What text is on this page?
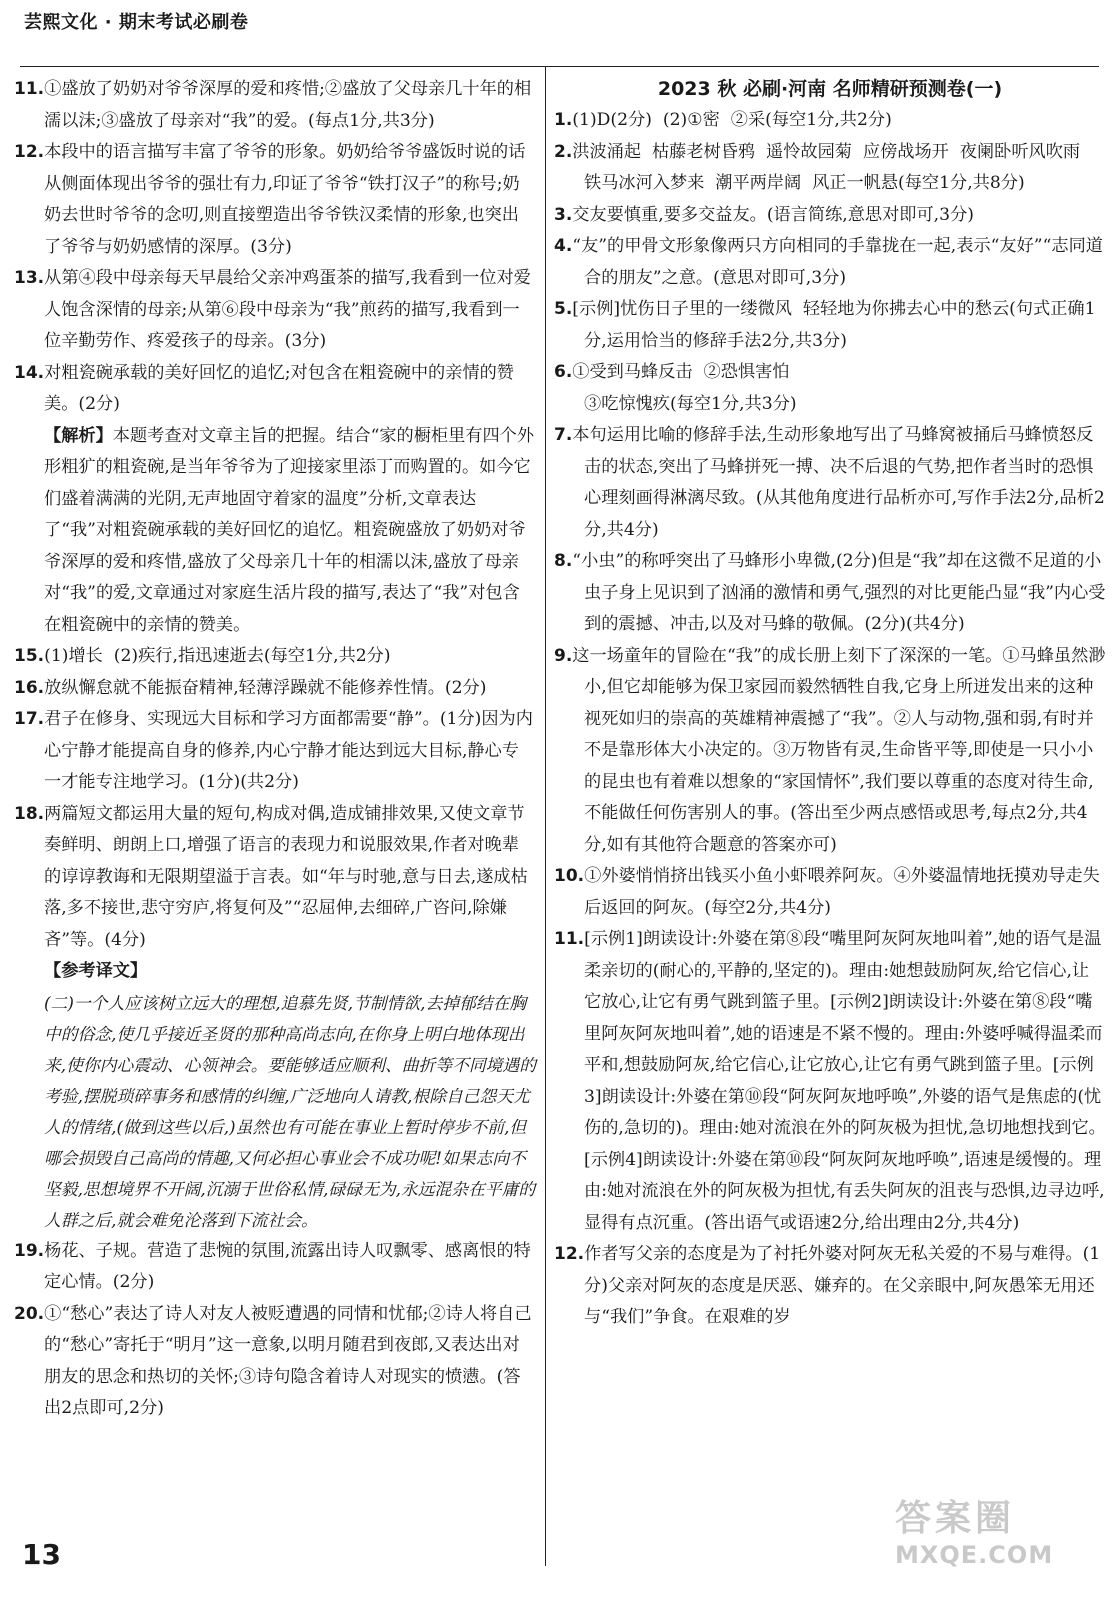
芸熙文化 · 期末考试必刷卷

11.①盛放了奶奶对爷爷深厚的爱和疼惜;②盛放了父母亲几十年的相濡以沫;③盛放了母亲对“我”的爱。(每点1分,共3分)

12.本段中的语言描写丰富了爷爷的形象。奶奶给爷爷盛饭时说的话从侧面体现出爷爷的强壮有力,印证了爷爷“铁打汉子”的称号;奶奶去世时爷爷的念叨,则直接塑造出爷爷铁汉柔情的形象,也突出了爷爷与奶奶感情的深厚。(3分)

13.从第④段中母亲每天早晨给父亲冲鸡蛋茶的描写,我看到一位对爱人饱含深情的母亲;从第⑥段中母亲为“我”煎药的描写,我看到一位辛勤劳作、疼爱孩子的母亲。(3分)

14.对粗瓷碗承载的美好回忆的追忆;对包含在粗瓷碗中的亲情的赞美。(2分)

【解析】本题考查对文章主旨的把握。结合“家的橱柜里有四个外形粗犷的粗瓷碗,是当年爷爷为了迎接家里添丁而购置的。如今它们盛着满满的光阴,无声地固守着家的温度”分析,文章表达了“我”对粗瓷碗承载的美好回忆的追忆。粗瓷碗盛放了奶奶对爷爷深厚的爱和疼惜,盛放了父母亲几十年的相濡以沫,盛放了母亲对“我”的爱,文章通过对家庭生活片段的描写,表达了“我”对包含在粗瓷碗中的亲情的赞美。

15.(1)增长  (2)疾行,指迅速逝去(每空1分,共2分)

16.放纵懈怠就不能振奋精神,轻薄浮躁就不能修养性情。(2分)

17.君子在修身、实现远大目标和学习方面都需要“静”。(1分)因为内心宁静才能提高自身的修养,内心宁静才能达到远大目标,静心专一才能专注地学习。(1分)(共2分)

18.两篇短文都运用大量的短句,构成对偶,造成铺排效果,又使文章节奏鲜明、朗朗上口,增强了语言的表现力和说服效果,作者对晚辈的谆谆教诲和无限期望溢于言表。如“年与时驰,意与日去,遂成枯落,多不接世,悲守穷庐,将复何及”“忍屈伸,去细碎,广咨问,除嫌吝”等。(4分)

【参考译文】

(二)一个人应该树立远大的理想,追慕先贤,节制情欲,去掉郁结在胸中的俗念,使几乎接近圣贤的那种高尚志向,在你身上明白地体现出来,使你内心震动、心领神会。要能够适应顺利、曲折等不同境遇的考验,摆脱琐碎事务和感情的纠缠,广泛地向人请教,根除自己怨天尤人的情绪,(做到这些以后,)虽然也有可能在事业上暂时停步不前,但哪会损毁自己高尚的情趣,又何必担心事业会不成功呢!如果志向不坚毅,思想境界不开阔,沉溺于世俗私情,碌碌无为,永远混杂在平庸的人群之后,就会难免沦落到下流社会。

19.杨花、子规。营造了悲惋的氛围,流露出诗人叹飘零、感离恨的特定心情。(2分)

20.①“愁心”表达了诗人对友人被贬遭遇的同情和忧郁;②诗人将自己的“愁心”寄托于“明月”这一意象,以明月随君到夜郎,又表达出对朋友的思念和热切的关怀;③诗句隐含着诗人对现实的愤懑。(答出2点即可,2分)

2023 秋 必刷·河南 名师精研预测卷(一)

1.(1)D(2分)  (2)①密  ②采(每空1分,共2分)

2.洪波涌起  枯藤老树昏鸦  遥怜故园菊  应傍战场开  夜阑卧听风吹雨  铁马冰河入梦来  潮平两岸阔  风正一帆悬(每空1分,共8分)

3.交友要慎重,要多交益友。(语言简练,意思对即可,3分)

4.“友”的甲骨文形象像两只方向相同的手靠拢在一起,表示“友好”“志同道合的朋友”之意。(意思对即可,3分)

5.[示例]忧伤日子里的一缕微风  轻轻地为你拂去心中的愁云(句式正确1分,运用恰当的修辞手法2分,共3分)

6.①受到马蜂反击  ②恐惧害怕

③吃惊愧疚(每空1分,共3分)

7.本句运用比喻的修辞手法,生动形象地写出了马蜂窝被捅后马蜂愤怒反击的状态,突出了马蜂拼死一搏、决不后退的气势,把作者当时的恐惧心理刻画得淋漓尽致。(从其他角度进行品析亦可,写作手法2分,品析2分,共4分)

8.“小虫”的称呼突出了马蜂形小卑微,(2分)但是“我”却在这微不足道的小虫子身上见识到了汹涌的激情和勇气,强烈的对比更能凸显“我”内心受到的震撼、冲击,以及对马蜂的敬佩。(2分)(共4分)

9.这一场童年的冒险在“我”的成长册上刻下了深深的一笔。①马蜂虽然渺小,但它却能够为保卫家园而毅然牺牲自我,它身上所迸发出来的这种视死如归的崇高的英雄精神震撼了“我”。②人与动物,强和弱,有时并不是靠形体大小决定的。③万物皆有灵,生命皆平等,即使是一只小小的昆虫也有着难以想象的“家国情怀”,我们要以尊重的态度对待生命,不能做任何伤害别人的事。(答出至少两点感悟或思考,每点2分,共4分,如有其他符合题意的答案亦可)

10.①外婆悄悄挤出钱买小鱼小虾喂养阿灰。④外婆温情地抚摸劝导走失后返回的阿灰。(每空2分,共4分)

11.[示例1]朗读设计:外婆在第⑧段“嘴里阿灰阿灰地叫着”,她的语气是温柔亲切的(耐心的,平静的,坚定的)。理由:她想鼓励阿灰,给它信心,让它放心,让它有勇气跳到篮子里。[示例2]朗读设计:外婆在第⑧段“嘴里阿灰阿灰地叫着”,她的语速是不紧不慢的。理由:外婆呼喊得温柔而平和,想鼓励阿灰,给它信心,让它放心,让它有勇气跳到篮子里。[示例3]朗读设计:外婆在第⑩段“阿灰阿灰地呼唤”,外婆的语气是焦虑的(忧伤的,急切的)。理由:她对流浪在外的阿灰极为担忧,急切地想找到它。[示例4]朗读设计:外婆在第⑩段“阿灰阿灰地呼唤”,语速是缓慢的。理由:她对流浪在外的阿灰极为担忧,有丢失阿灰的沮丧与恐惧,边寻边呼,显得有点沉重。(答出语气或语速2分,给出理由2分,共4分)

12.作者写父亲的态度是为了衬托外婆对阿灰无私关爱的不易与难得。(1分)父亲对阿灰的态度是厌恶、嫌弃的。在父亲眼中,阿灰愚笨无用还与“我们”争食。在艰难的岁

13
答案圈
MXQE.COM
